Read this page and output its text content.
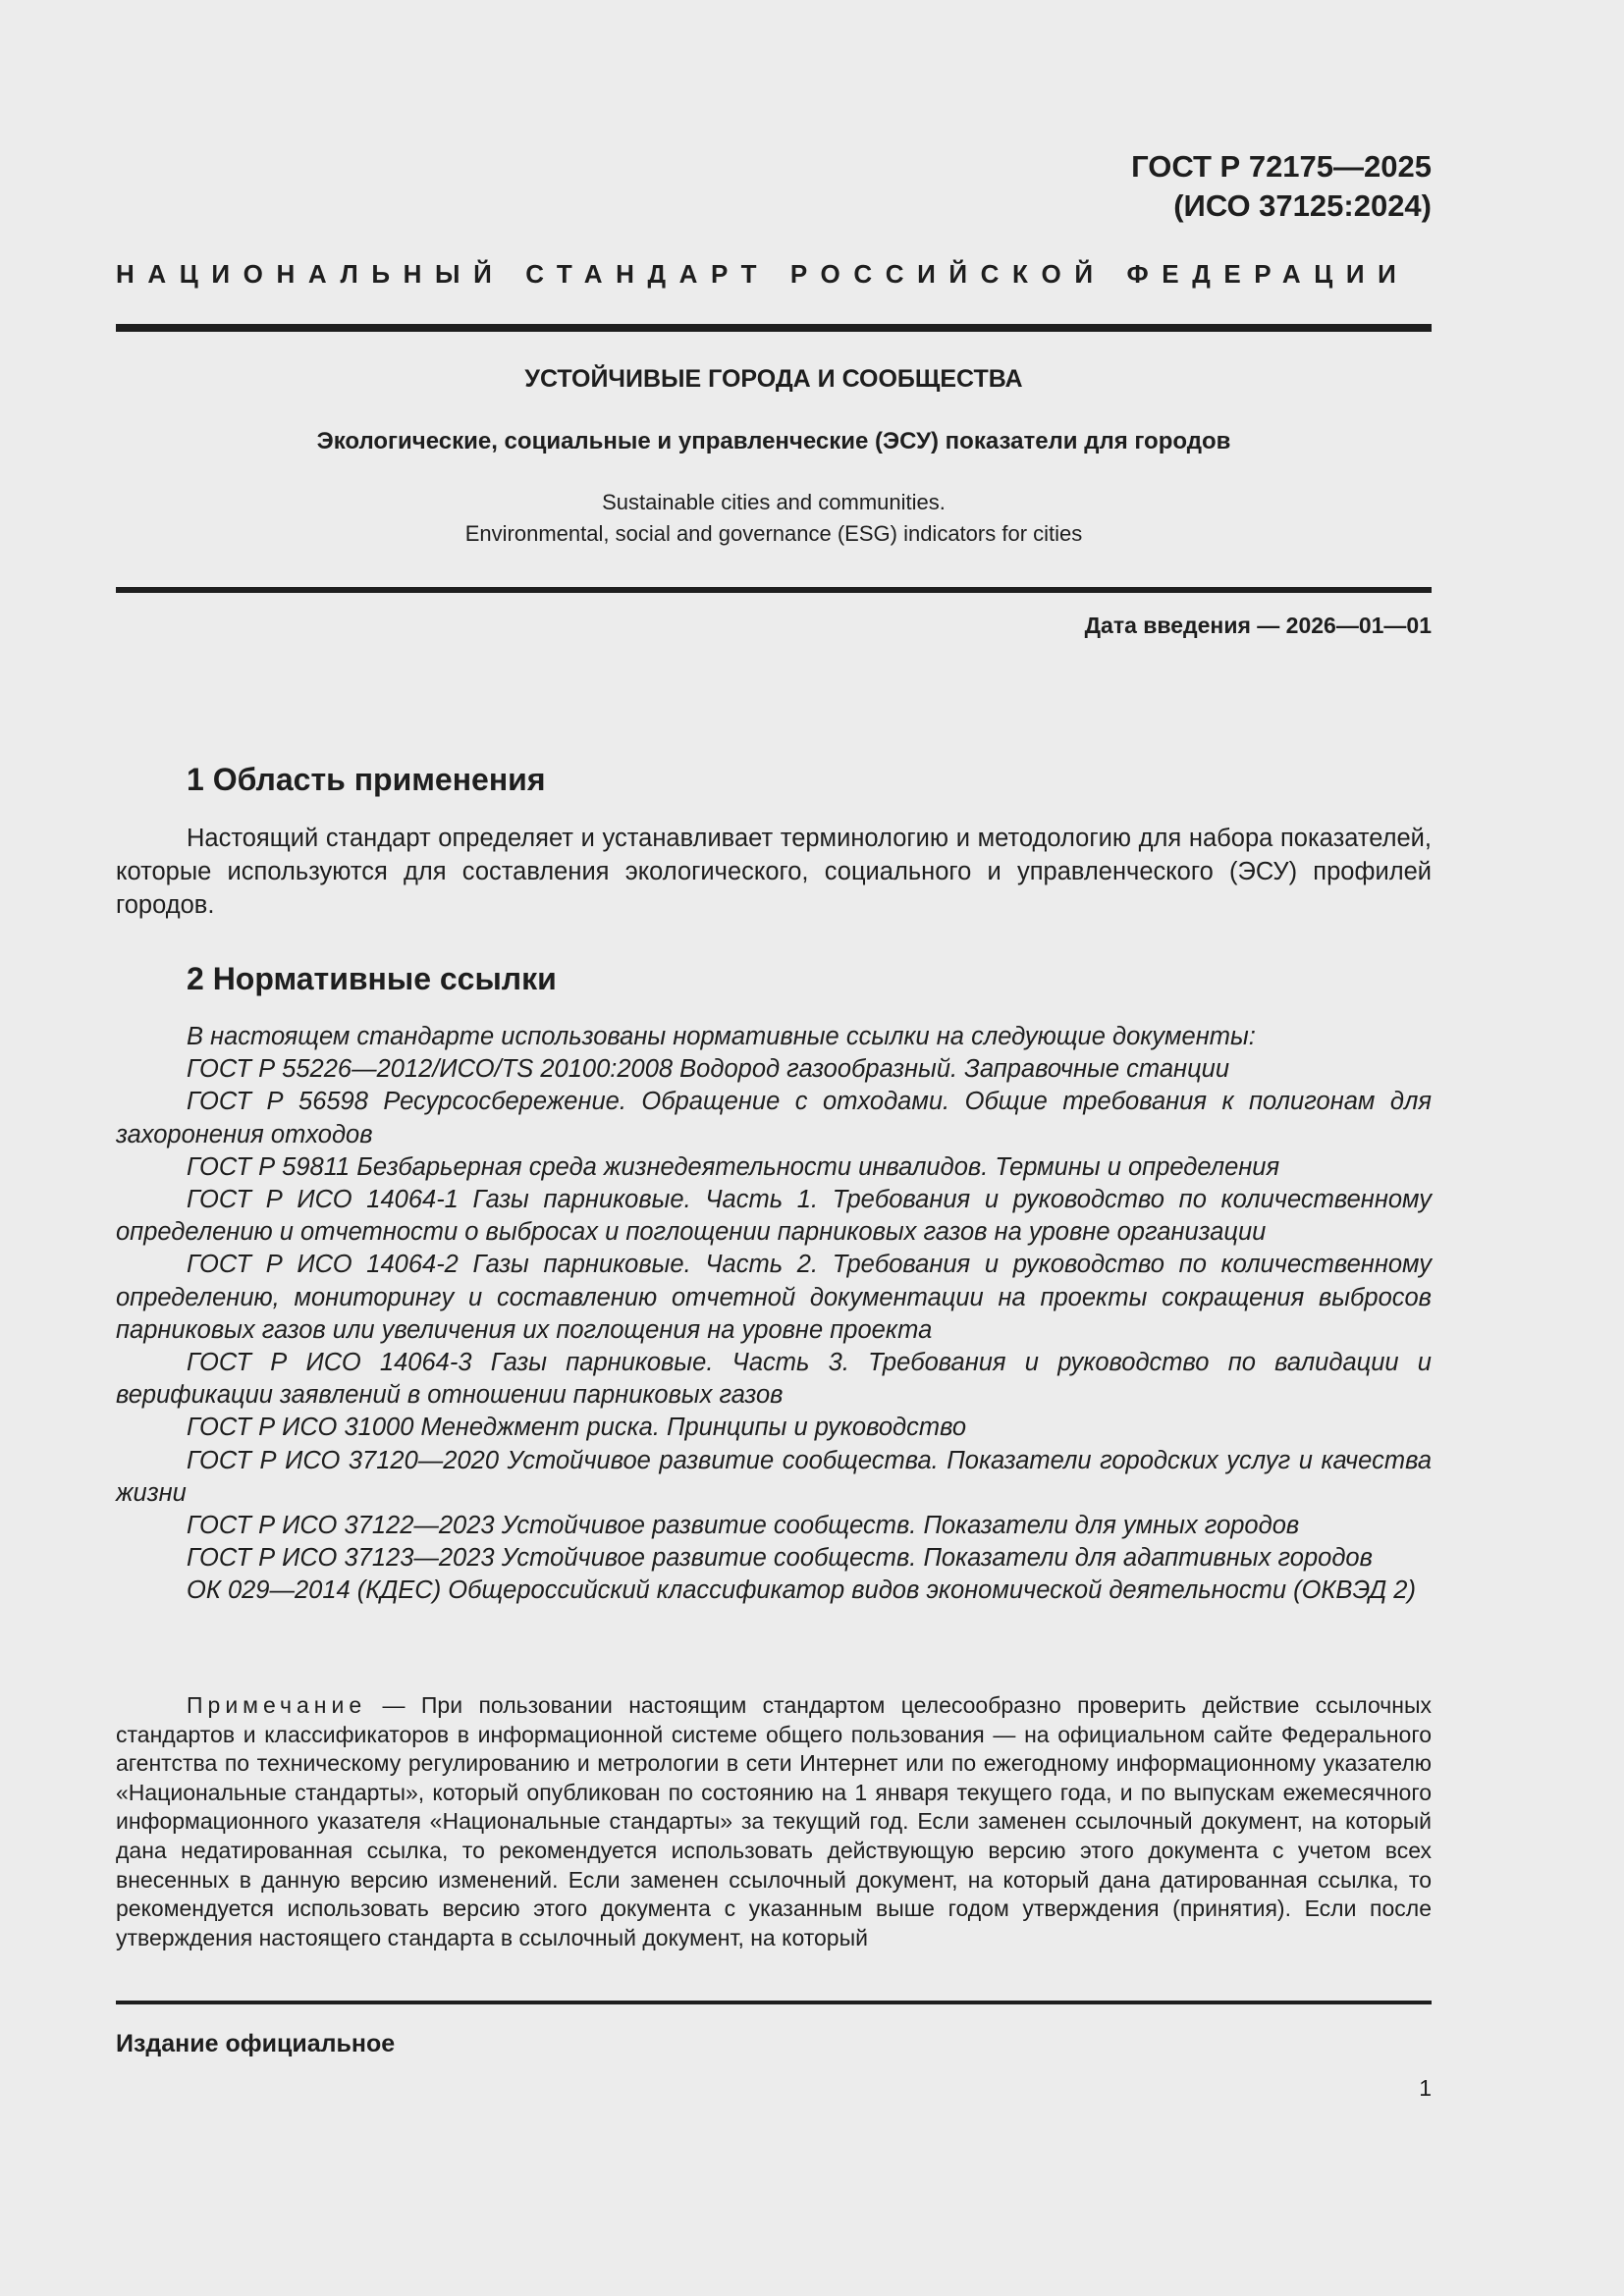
ГОСТ Р 72175—2025
(ИСО 37125:2024)
НАЦИОНАЛЬНЫЙ СТАНДАРТ РОССИЙСКОЙ ФЕДЕРАЦИИ
УСТОЙЧИВЫЕ ГОРОДА И СООБЩЕСТВА
Экологические, социальные и управленческие (ЭСУ) показатели для городов
Sustainable cities and communities.
Environmental, social and governance (ESG) indicators for cities
Дата введения — 2026—01—01
1 Область применения
Настоящий стандарт определяет и устанавливает терминологию и методологию для набора показателей, которые используются для составления экологического, социального и управленческого (ЭСУ) профилей городов.
2 Нормативные ссылки

В настоящем стандарте использованы нормативные ссылки на следующие документы:

ГОСТ Р 55226—2012/ИСО/TS 20100:2008 Водород газообразный. Заправочные станции

ГОСТ Р 56598 Ресурсосбережение. Обращение с отходами. Общие требования к полигонам для захоронения отходов

ГОСТ Р 59811 Безбарьерная среда жизнедеятельности инвалидов. Термины и определения

ГОСТ Р ИСО 14064-1 Газы парниковые. Часть 1. Требования и руководство по количественному определению и отчетности о выбросах и поглощении парниковых газов на уровне организации

ГОСТ Р ИСО 14064-2 Газы парниковые. Часть 2. Требования и руководство по количественному определению, мониторингу и составлению отчетной документации на проекты сокращения выбросов парниковых газов или увеличения их поглощения на уровне проекта

ГОСТ Р ИСО 14064-3 Газы парниковые. Часть 3. Требования и руководство по валидации и верификации заявлений в отношении парниковых газов

ГОСТ Р ИСО 31000 Менеджмент риска. Принципы и руководство

ГОСТ Р ИСО 37120—2020 Устойчивое развитие сообщества. Показатели городских услуг и качества жизни

ГОСТ Р ИСО 37122—2023 Устойчивое развитие сообществ. Показатели для умных городов

ГОСТ Р ИСО 37123—2023 Устойчивое развитие сообществ. Показатели для адаптивных городов

ОК 029—2014 (КДЕС) Общероссийский классификатор видов экономической деятельности (ОКВЭД 2)

Примечание — При пользовании настоящим стандартом целесообразно проверить действие ссылочных стандартов и классификаторов в информационной системе общего пользования — на официальном сайте Федерального агентства по техническому регулированию и метрологии в сети Интернет или по ежегодному информационному указателю «Национальные стандарты», который опубликован по состоянию на 1 января текущего года, и по выпускам ежемесячного информационного указателя «Национальные стандарты» за текущий год. Если заменен ссылочный документ, на который дана недатированная ссылка, то рекомендуется использовать действующую версию этого документа с учетом всех внесенных в данную версию изменений. Если заменен ссылочный документ, на который дана датированная ссылка, то рекомендуется использовать версию этого документа с указанным выше годом утверждения (принятия). Если после утверждения настоящего стандарта в ссылочный документ, на который
Издание официальное
1
